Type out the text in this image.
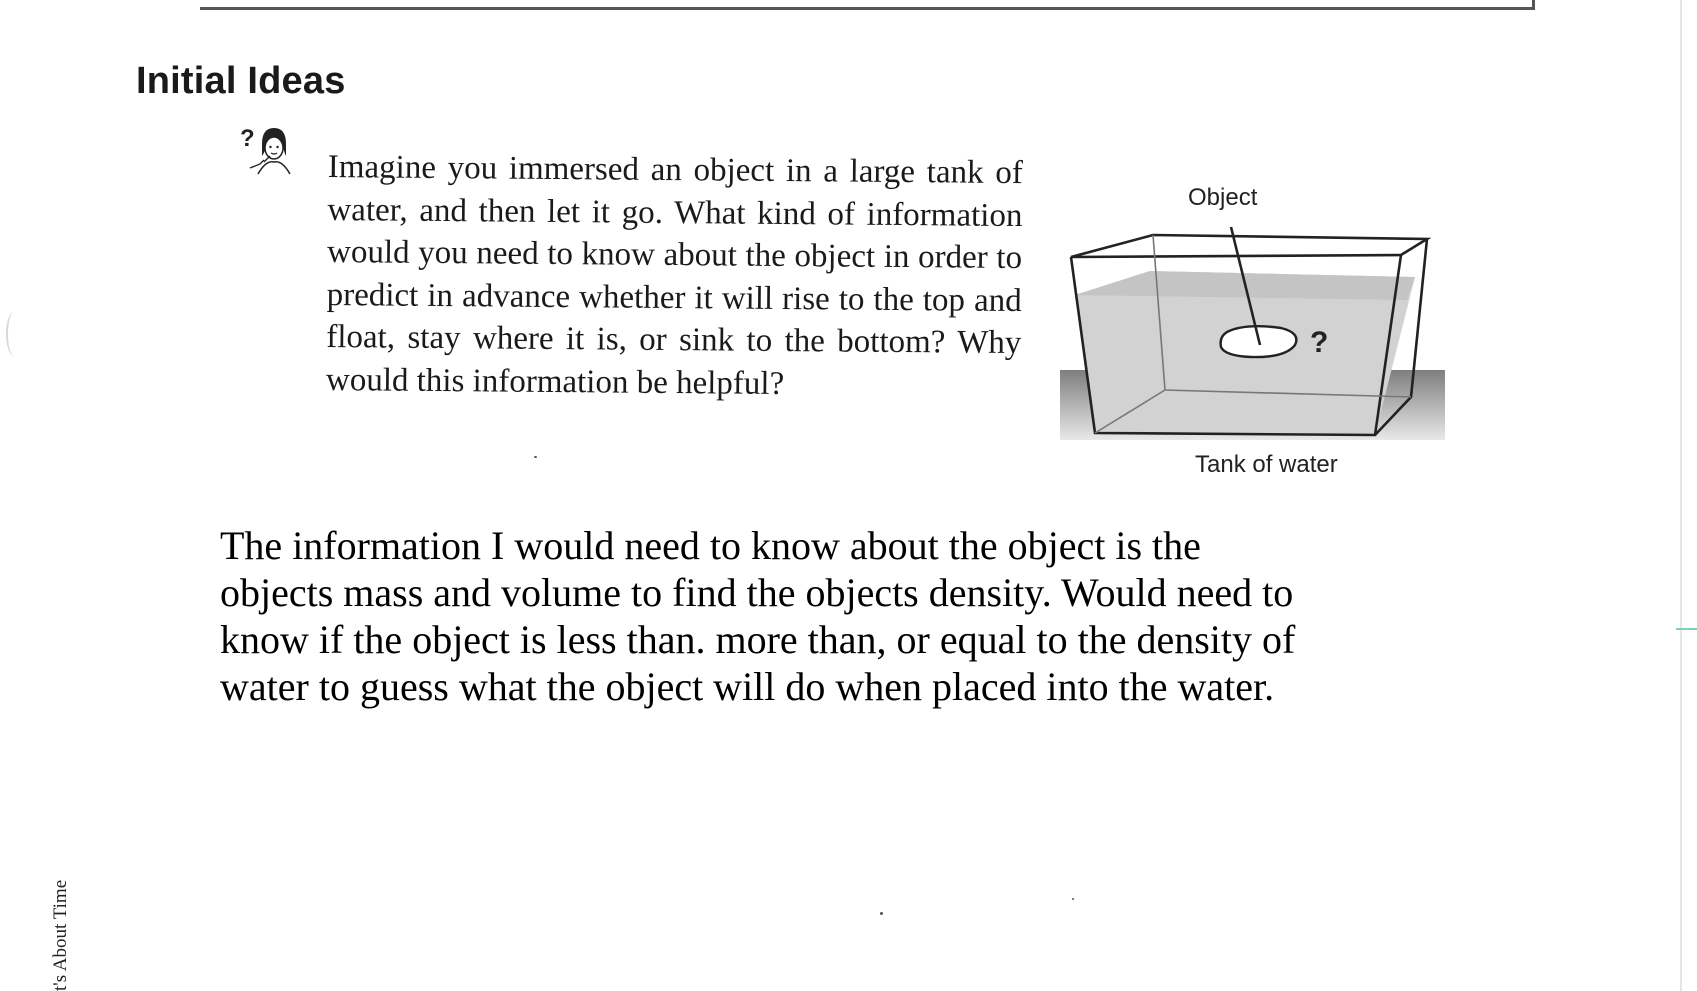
Initial Ideas
?

Imagine you immersed an object in a large tank of water, and then let it go. What kind of information would you need to know about the object in order to predict in advance whether it will rise to the top and float, stay where it is, or sink to the bottom? Why would this information be helpful?

Object
?
Tank of water

The information I would need to know about the object is the objects mass and volume to find the objects density. Would need to know if the object is less than. more than, or equal to the density of water to guess what the object will do when placed into the water.

t's About Time
